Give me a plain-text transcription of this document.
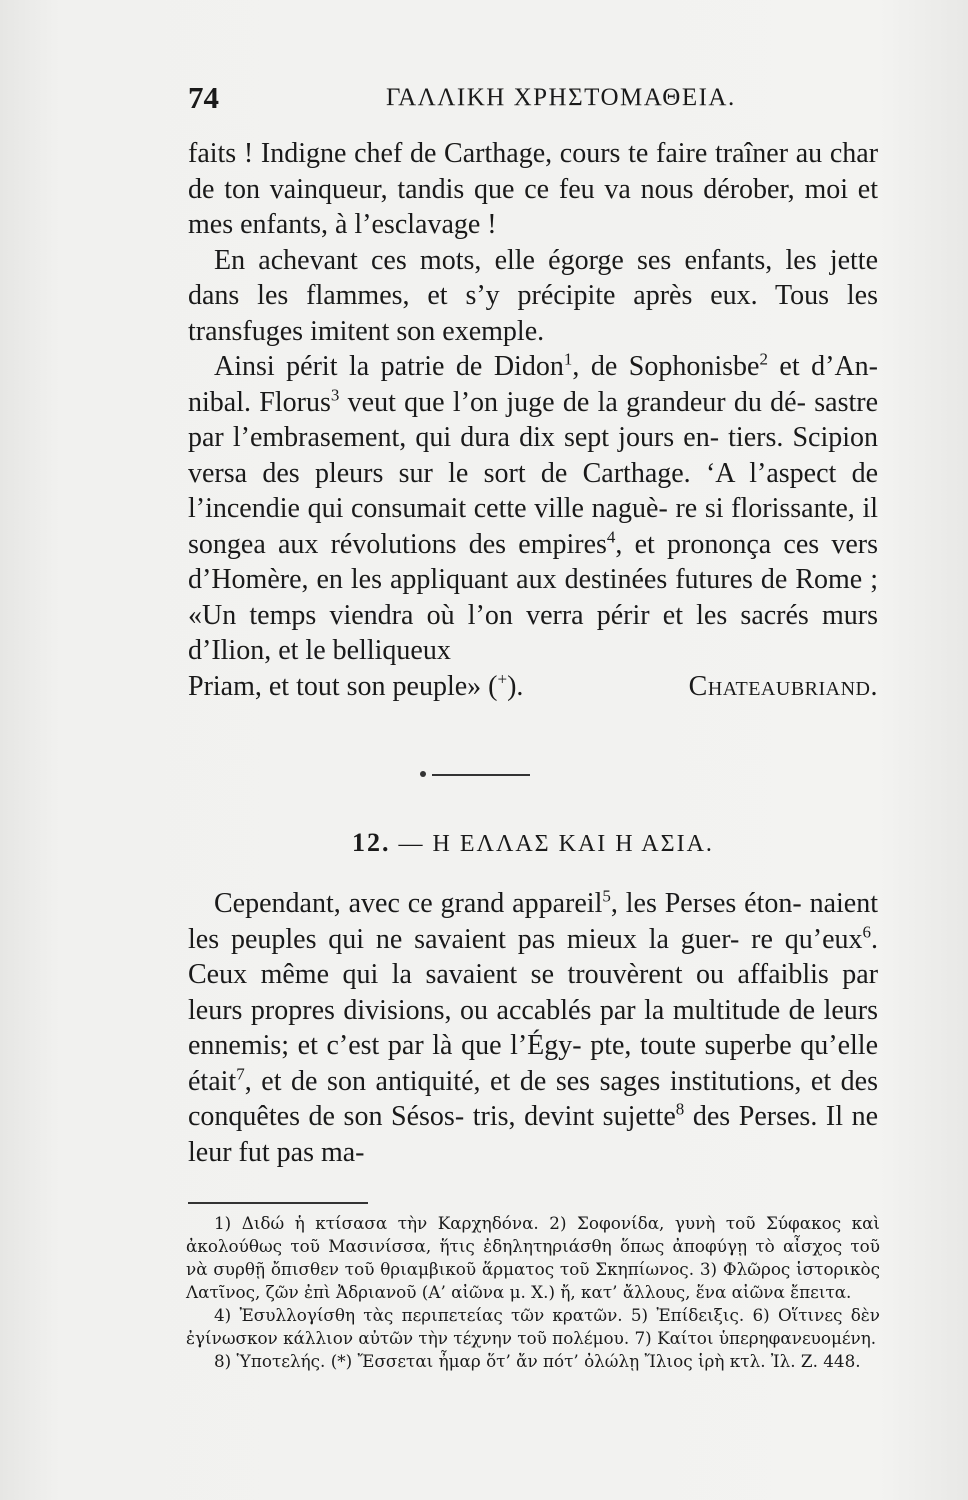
74	ΓΑΛΛΙΚΗ ΧΡΗΣΤΟΜΑΘΕΙΑ.

faits ! Indigne chef de Carthage, cours te faire traîner au char de ton vainqueur, tandis que ce feu va nous dérober, moi et mes enfants, à l’esclavage !

En achevant ces mots, elle égorge ses enfants, les jette dans les flammes, et s’y précipite après eux. Tous les transfuges imitent son exemple.

Ainsi périt la patrie de Didon$^1$, de Sophonisbe$^2$ et d’An- nibal. Florus$^3$ veut que l’on juge de la grandeur du dé- sastre par l’embrasement, qui dura dix sept jours en- tiers. Scipion versa des pleurs sur le sort de Carthage. ‘A l’aspect de l’incendie qui consumait cette ville naguè- re si florissante, il songea aux révolutions des empires$^4$, et prononça ces vers d’Homère, en les appliquant aux destinées futures de Rome ; «Un temps viendra où l’on verra périr et les sacrés murs d’Ilion, et le belliqueux

Priam, et tout son peuple» (+).	Chateaubriand.

12. — Η ΕΛΛΑΣ ΚΑΙ Η ΑΣΙΑ.

Cependant, avec ce grand appareil$^5$, les Perses éton- naient les peuples qui ne savaient pas mieux la guer- re qu’eux$^6$. Ceux même qui la savaient se trouvèrent ou affaiblis par leurs propres divisions, ou accablés par la multitude de leurs ennemis; et c’est par là que l’Égy- pte, toute superbe qu’elle était$^7$, et de son antiquité, et de ses sages institutions, et des conquêtes de son Sésos- tris, devint sujette$^8$ des Perses. Il ne leur fut pas ma-

1) Διδώ ἡ κτίσασα τὴν Καρχηδόνα. 2) Σοφονίδα, γυνὴ τοῦ Σύφακος καὶ ἀκολούθως τοῦ Μασινίσσα, ἥτις ἐδηλητηριάσθη ὅπως ἀποφύγῃ τὸ αἶσχος τοῦ νὰ συρθῇ ὄπισθεν τοῦ θριαμβικοῦ ἅρματος τοῦ Σκηπίωνος. 3) Φλῶρος ἱστορικὸς Λατῖνος, ζῶν ἐπὶ Ἀδριανοῦ (Α’ αἰῶνα μ. Χ.) ἤ, κατ’ ἄλλους, ἕνα αἰῶνα ἔπειτα.

4) Ἐσυλλογίσθη τὰς περιπετείας τῶν κρατῶν. 5) Ἐπίδειξις. 6) Οἵτινες δὲν ἐγίνωσκον κάλλιον αὐτῶν τὴν τέχνην τοῦ πολέμου. 7) Καίτοι ὑπερηφανευομένη.

8) Ὑποτελής. (*) Ἔσσεται ἦμαρ ὅτ’ ἄν πότ’ ὀλώλῃ Ἴλιος ἱρὴ κτλ. Ἰλ. Ζ. 448.
